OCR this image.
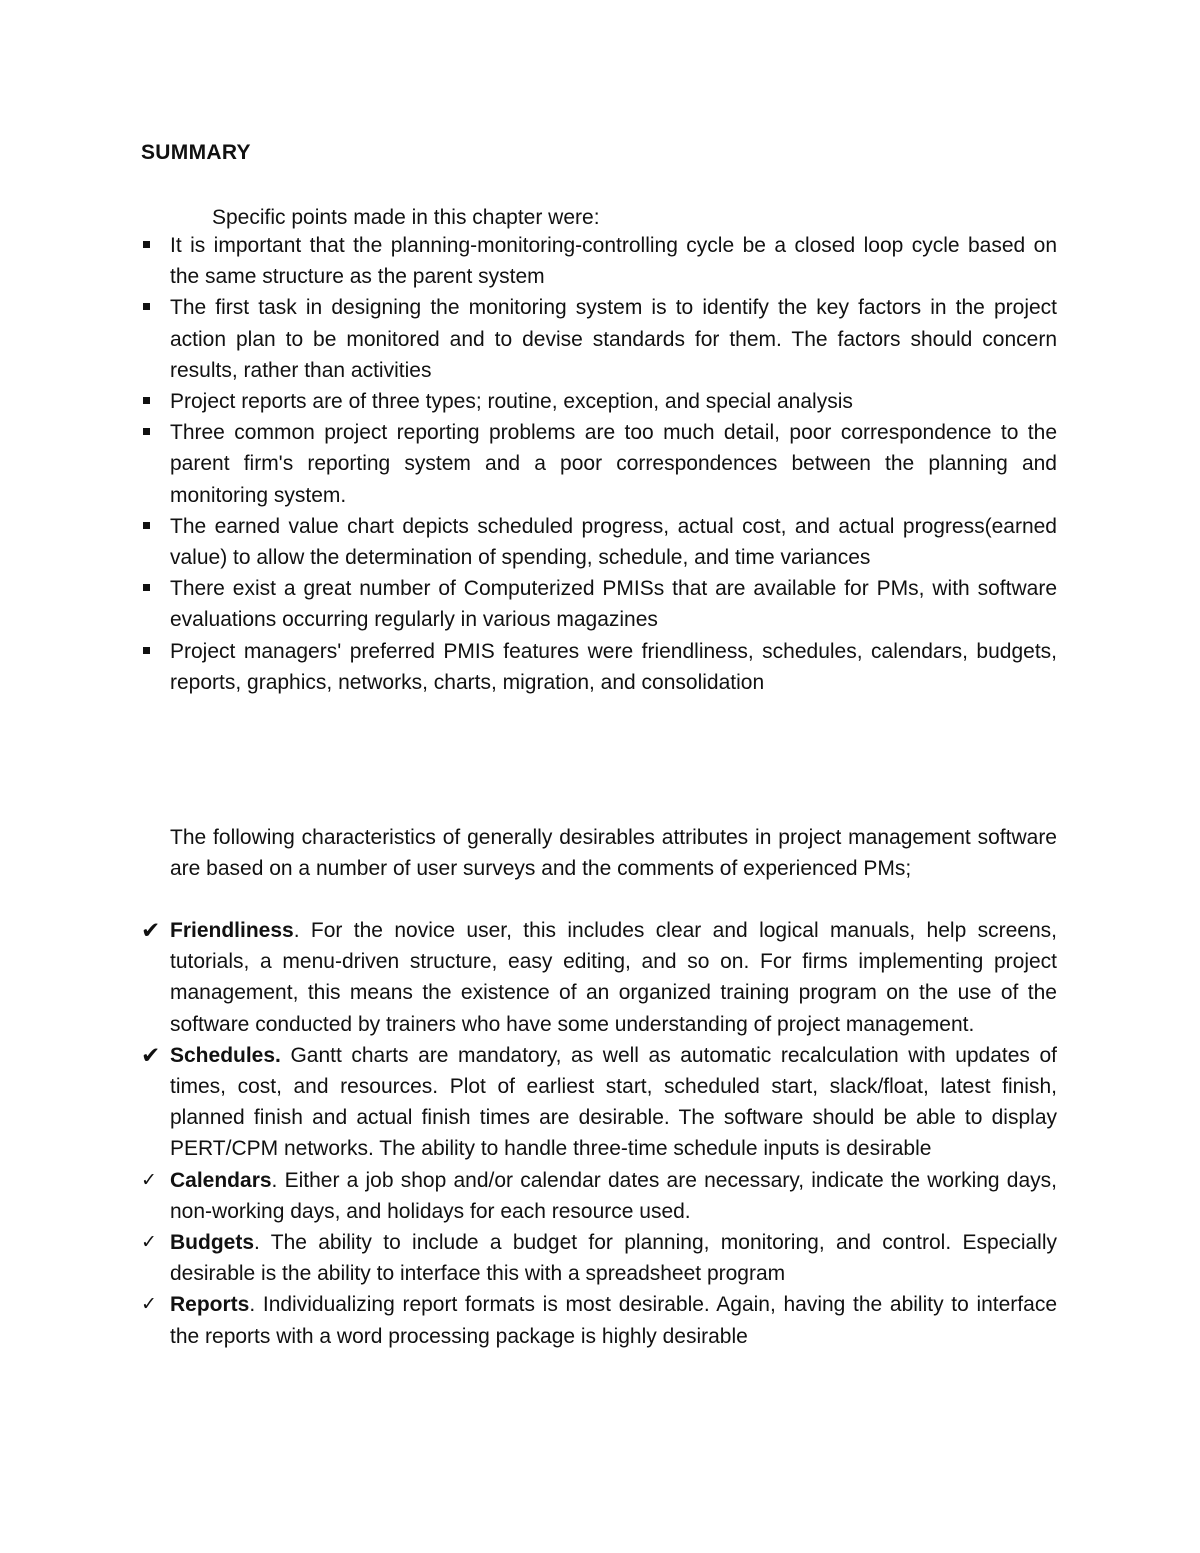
SUMMARY

Specific points made in this chapter were:

It is important that the planning-monitoring-controlling cycle be a closed loop cycle based on the same structure as the parent system
The first task in designing the monitoring system is to identify the key factors in the project action plan to be monitored and to devise standards for them. The factors should concern results, rather than activities
Project reports are of three types; routine, exception, and special analysis
Three common project reporting problems are too much detail, poor correspondence to the parent firm's reporting system and a poor correspondences between the planning and monitoring system.
The earned value chart depicts scheduled progress, actual cost, and actual progress(earned value) to allow the determination of spending, schedule, and time variances
There exist a great number of Computerized PMISs that are available for PMs, with software evaluations occurring regularly in various magazines
Project managers' preferred PMIS features were friendliness, schedules, calendars, budgets, reports, graphics, networks, charts, migration, and consolidation

The following characteristics of generally desirables attributes in project management software are based on a number of user surveys and the comments of experienced PMs;

✔ Friendliness. For the novice user, this includes clear and logical manuals, help screens, tutorials, a menu-driven structure, easy editing, and so on. For firms implementing project management, this means the existence of an organized training program on the use of the software conducted by trainers who have some understanding of project management.
✔ Schedules. Gantt charts are mandatory, as well as automatic recalculation with updates of times, cost, and resources. Plot of earliest start, scheduled start, slack/float, latest finish, planned finish and actual finish times are desirable. The software should be able to display PERT/CPM networks. The ability to handle three-time schedule inputs is desirable
✓ Calendars. Either a job shop and/or calendar dates are necessary, indicate the working days, non-working days, and holidays for each resource used.
✓ Budgets. The ability to include a budget for planning, monitoring, and control. Especially desirable is the ability to interface this with a spreadsheet program
✓ Reports. Individualizing report formats is most desirable. Again, having the ability to interface the reports with a word processing package is highly desirable
